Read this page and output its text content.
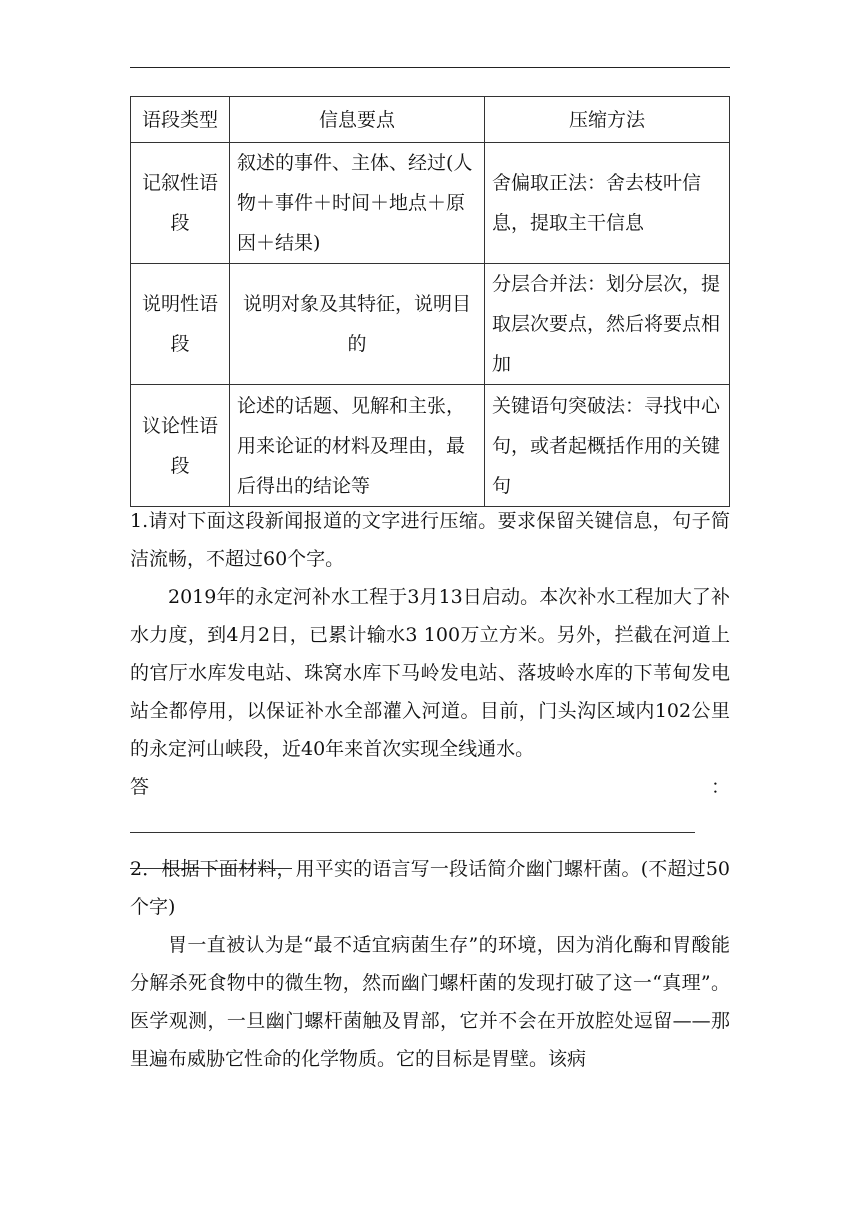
语段类型	信息要点	压缩方法
记叙性语段	叙述的事件、主体、经过(人物＋事件＋时间＋地点＋原因＋结果)	舍偏取正法：舍去枝叶信息，提取主干信息
说明性语段	说明对象及其特征，说明目的	分层合并法：划分层次，提取层次要点，然后将要点相加
议论性语段	论述的话题、见解和主张，用来论证的材料及理由，最后得出的结论等	关键语句突破法：寻找中心句，或者起概括作用的关键句

1.请对下面这段新闻报道的文字进行压缩。要求保留关键信息，句子简洁流畅，不超过60个字。

2019年的永定河补水工程于3月13日启动。本次补水工程加大了补水力度，到4月2日，已累计输水3 100万立方米。另外，拦截在河道上的官厅水库发电站、珠窝水库下马岭发电站、落坡岭水库的下苇甸发电站全都停用，以保证补水全部灌入河道。目前，门头沟区域内102公里的永定河山峡段，近40年来首次实现全线通水。

答：

2．根据下面材料，用平实的语言写一段话简介幽门螺杆菌。(不超过50个字)

胃一直被认为是“最不适宜病菌生存”的环境，因为消化酶和胃酸能分解杀死食物中的微生物，然而幽门螺杆菌的发现打破了这一“真理”。医学观测，一旦幽门螺杆菌触及胃部，它并不会在开放腔处逗留——那里遍布威胁它性命的化学物质。它的目标是胃壁。该病
